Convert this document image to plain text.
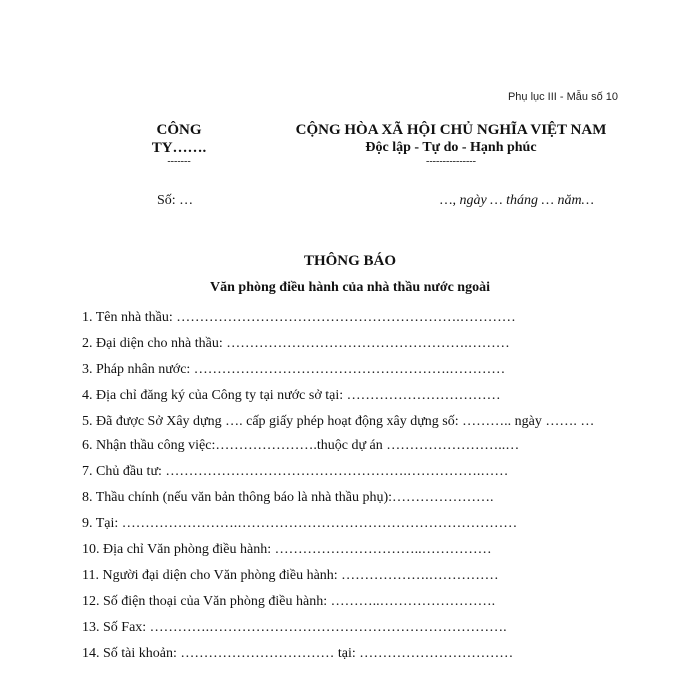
Phụ lục III - Mẫu số 10
CÔNG TY…….
-------
CỘNG HÒA XÃ HỘI CHỦ NGHĨA VIỆT NAM
Độc lập - Tự do - Hạnh phúc
---------------
Số: …	…, ngày … tháng … năm…
THÔNG BÁO
Văn phòng điều hành của nhà thầu nước ngoài
1. Tên nhà thầu: …………………………………………………….…………
2. Đại diện cho nhà thầu: …………………………………………….………
3. Pháp nhân nước: ……………………………………………….…………
4. Địa chỉ đăng ký của Công ty tại nước sở tại: ……………………………
5. Đã được Sở Xây dựng …. cấp giấy phép hoạt động xây dựng số: ……….. ngày ……. …
6. Nhận thầu công việc:………………….thuộc dự án ……………………..…
7. Chủ đầu tư: …………………………………………….…………….……
8. Thầu chính (nếu văn bản thông báo là nhà thầu phụ):………………….
9. Tại: …………………….……………………………………………………
10. Địa chỉ Văn phòng điều hành: …………………………..……………
11. Người đại diện cho Văn phòng điều hành: ……………….……………
12. Số điện thoại của Văn phòng điều hành: ………..…………………….
13. Số Fax: ………….……………………………………………………….
14. Số tài khoản: …………………………… tại: ……………………………
